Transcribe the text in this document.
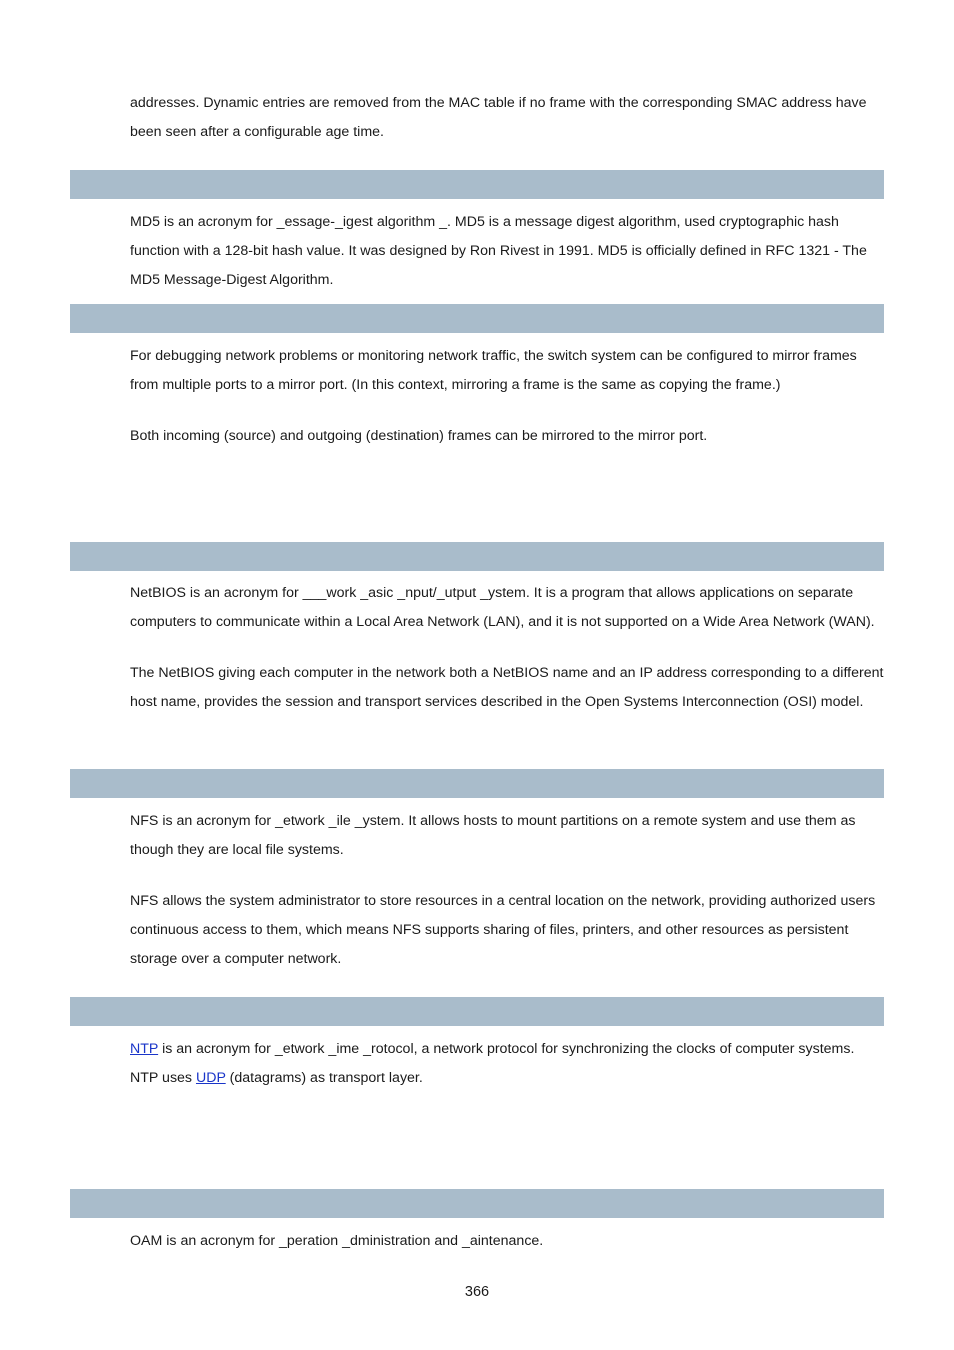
addresses. Dynamic entries are removed from the MAC table if no frame with the corresponding SMAC address have been seen after a configurable age time.

MD5 is an acronym for _essage-_igest algorithm _. MD5 is a message digest algorithm, used cryptographic hash function with a 128-bit hash value. It was designed by Ron Rivest in 1991. MD5 is officially defined in RFC 1321 - The MD5 Message-Digest Algorithm.

For debugging network problems or monitoring network traffic, the switch system can be configured to mirror frames from multiple ports to a mirror port. (In this context, mirroring a frame is the same as copying the frame.)

Both incoming (source) and outgoing (destination) frames can be mirrored to the mirror port.

NetBIOS is an acronym for ___work _asic _nput/_utput _ystem. It is a program that allows applications on separate computers to communicate within a Local Area Network (LAN), and it is not supported on a Wide Area Network (WAN).

The NetBIOS giving each computer in the network both a NetBIOS name and an IP address corresponding to a different host name, provides the session and transport services described in the Open Systems Interconnection (OSI) model.

NFS is an acronym for _etwork _ile _ystem. It allows hosts to mount partitions on a remote system and use them as though they are local file systems.

NFS allows the system administrator to store resources in a central location on the network, providing authorized users continuous access to them, which means NFS supports sharing of files, printers, and other resources as persistent storage over a computer network.

NTP is an acronym for _etwork _ime _rotocol, a network protocol for synchronizing the clocks of computer systems. NTP uses UDP (datagrams) as transport layer.

OAM is an acronym for _peration _dministration and _aintenance.

366
